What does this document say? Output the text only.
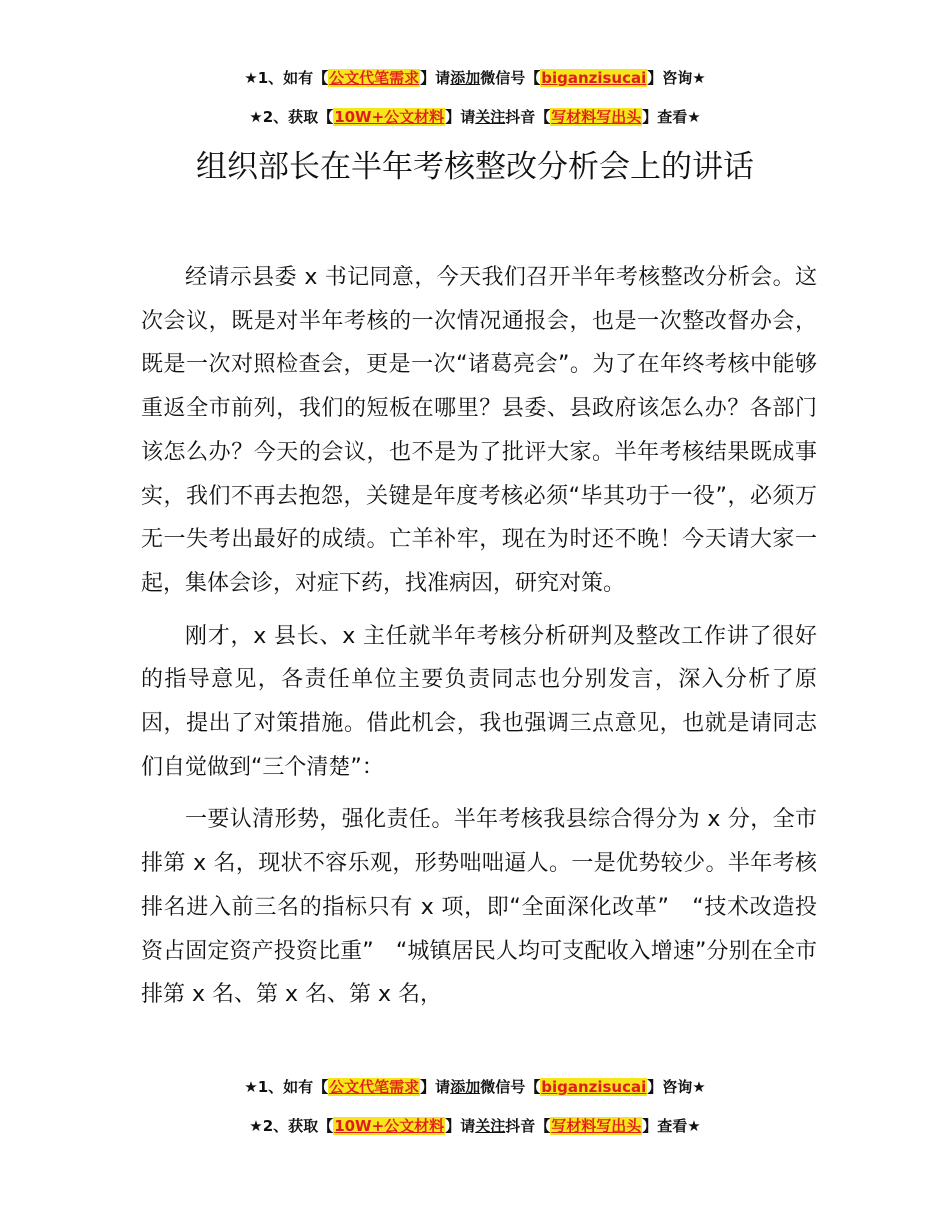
★1、如有【公文代笔需求】请添加微信号【biganzisucai】咨询★
★2、获取【10W+公文材料】请关注抖音【写材料写出头】查看★
组织部长在半年考核整改分析会上的讲话

经请示县委 x 书记同意，今天我们召开半年考核整改分析会。这次会议，既是对半年考核的一次情况通报会，也是一次整改督办会，既是一次对照检查会，更是一次“诸葛亮会”。为了在年终考核中能够重返全市前列，我们的短板在哪里？县委、县政府该怎么办？各部门该怎么办？今天的会议，也不是为了批评大家。半年考核结果既成事实，我们不再去抱怨，关键是年度考核必须“毕其功于一役”，必须万无一失考出最好的成绩。亡羊补牢，现在为时还不晚！今天请大家一起，集体会诊，对症下药，找准病因，研究对策。

刚才，x 县长、x 主任就半年考核分析研判及整改工作讲了很好的指导意见，各责任单位主要负责同志也分别发言，深入分析了原因，提出了对策措施。借此机会，我也强调三点意见，也就是请同志们自觉做到“三个清楚”：

一要认清形势，强化责任。半年考核我县综合得分为 x 分，全市排第 x 名，现状不容乐观，形势咄咄逼人。一是优势较少。半年考核排名进入前三名的指标只有 x 项，即“全面深化改革”　“技术改造投资占固定资产投资比重”　“城镇居民人均可支配收入增速”分别在全市排第 x 名、第 x 名、第 x 名，

★1、如有【公文代笔需求】请添加微信号【biganzisucai】咨询★
★2、获取【10W+公文材料】请关注抖音【写材料写出头】查看★
